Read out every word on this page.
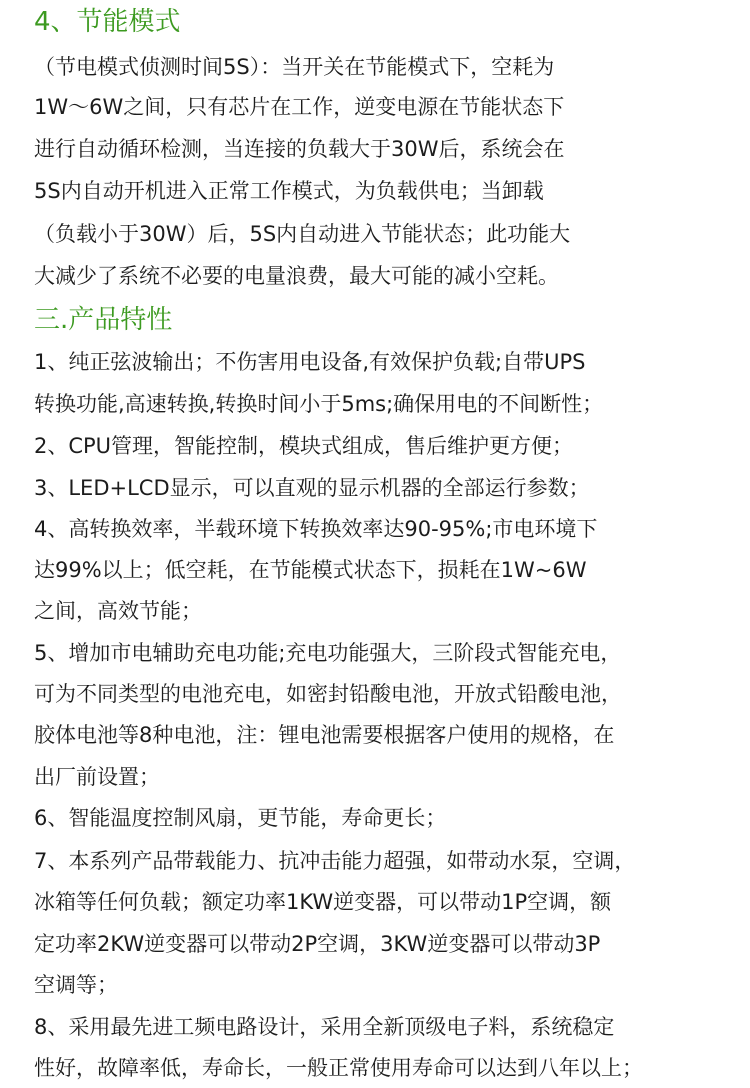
4、节能模式
（节电模式侦测时间5S）：当开关在节能模式下，空耗为
1W～6W之间，只有芯片在工作，逆变电源在节能状态下
进行自动循环检测，当连接的负载大于30W后，系统会在
5S内自动开机进入正常工作模式，为负载供电；当卸载
（负载小于30W）后，5S内自动进入节能状态；此功能大
大减少了系统不必要的电量浪费，最大可能的减小空耗。
三.产品特性
1、纯正弦波输出；不伤害用电设备,有效保护负载;自带UPS
转换功能,高速转换,转换时间小于5ms;确保用电的不间断性；
2、CPU管理，智能控制，模块式组成，售后维护更方便；
3、LED+LCD显示，可以直观的显示机器的全部运行参数；
4、高转换效率，半载环境下转换效率达90-95%;市电环境下
达99%以上；低空耗，在节能模式状态下，损耗在1W~6W
之间，高效节能；
5、增加市电辅助充电功能;充电功能强大，三阶段式智能充电，
可为不同类型的电池充电，如密封铅酸电池，开放式铅酸电池，
胶体电池等8种电池，注：锂电池需要根据客户使用的规格，在
出厂前设置；
6、智能温度控制风扇，更节能，寿命更长；
7、本系列产品带载能力、抗冲击能力超强，如带动水泵，空调，
冰箱等任何负载；额定功率1KW逆变器，可以带动1P空调，额
定功率2KW逆变器可以带动2P空调，3KW逆变器可以带动3P
空调等；
8、采用最先进工频电路设计，采用全新顶级电子料，系统稳定
性好，故障率低，寿命长，一般正常使用寿命可以达到八年以上；
